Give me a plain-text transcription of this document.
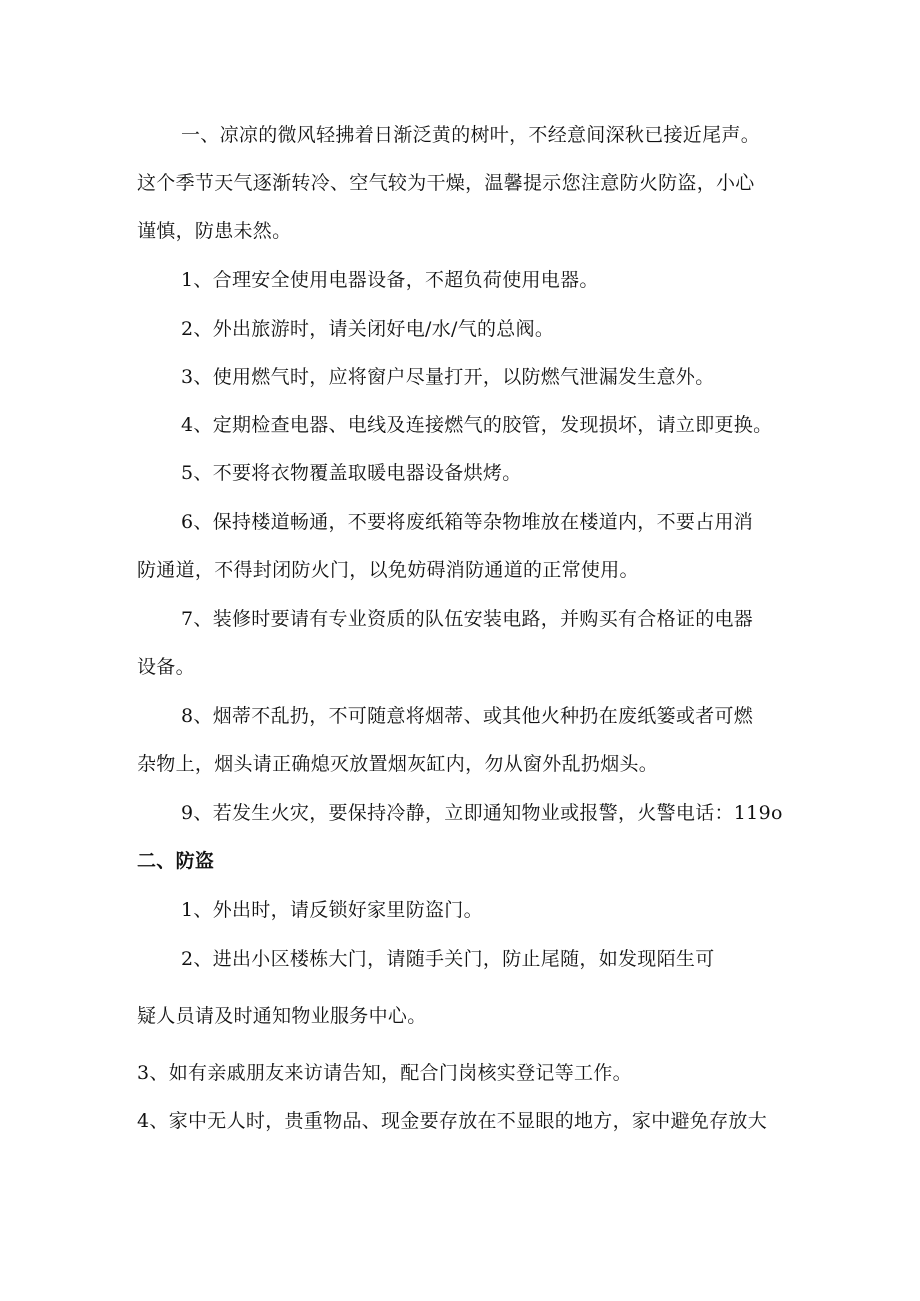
一、凉凉的微风轻拂着日渐泛黄的树叶，不经意间深秋已接近尾声。

这个季节天气逐渐转冷、空气较为干燥，温馨提示您注意防火防盗，小心

谨慎，防患未然。

1、合理安全使用电器设备，不超负荷使用电器。

2、外出旅游时，请关闭好电/水/气的总阀。

3、使用燃气时，应将窗户尽量打开，以防燃气泄漏发生意外。

4、定期检查电器、电线及连接燃气的胶管，发现损坏，请立即更换。

5、不要将衣物覆盖取暖电器设备烘烤。

6、保持楼道畅通，不要将废纸箱等杂物堆放在楼道内，不要占用消

防通道，不得封闭防火门，以免妨碍消防通道的正常使用。

7、装修时要请有专业资质的队伍安装电路，并购买有合格证的电器

设备。

8、烟蒂不乱扔，不可随意将烟蒂、或其他火种扔在废纸篓或者可燃

杂物上，烟头请正确熄灭放置烟灰缸内，勿从窗外乱扔烟头。

9、若发生火灾，要保持冷静，立即通知物业或报警，火警电话：119o

二、防盗

1、外出时，请反锁好家里防盗门。

2、进出小区楼栋大门，请随手关门，防止尾随，如发现陌生可

疑人员请及时通知物业服务中心。

3、如有亲戚朋友来访请告知，配合门岗核实登记等工作。

4、家中无人时，贵重物品、现金要存放在不显眼的地方，家中避免存放大
